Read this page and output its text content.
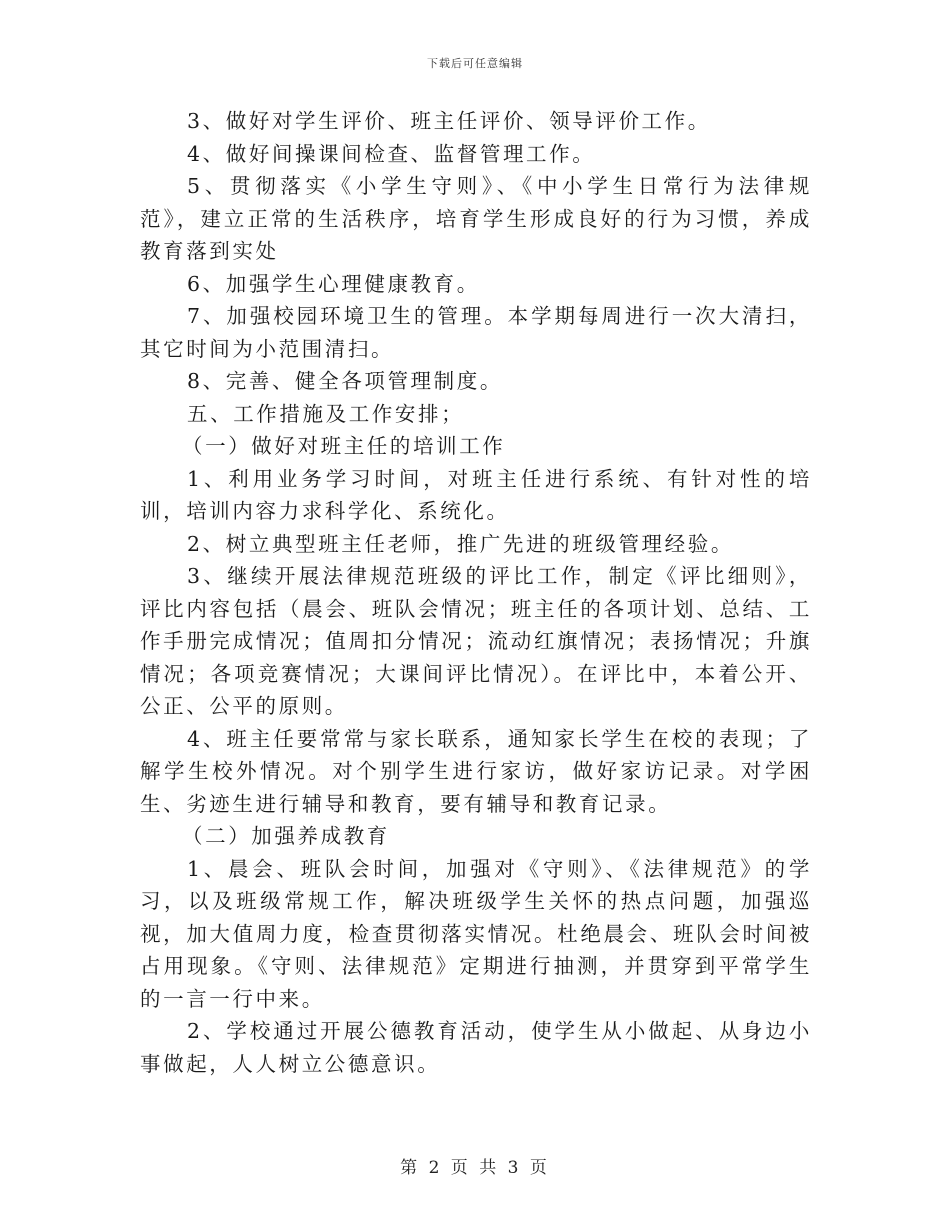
下载后可任意编辑

3、做好对学生评价、班主任评价、领导评价工作。

4、做好间操课间检查、监督管理工作。

5、贯彻落实《小学生守则》、《中小学生日常行为法律规范》，建立正常的生活秩序，培育学生形成良好的行为习惯，养成教育落到实处

6、加强学生心理健康教育。

7、加强校园环境卫生的管理。本学期每周进行一次大清扫，其它时间为小范围清扫。

8、完善、健全各项管理制度。

五、工作措施及工作安排；

（一）做好对班主任的培训工作

1、利用业务学习时间，对班主任进行系统、有针对性的培训，培训内容力求科学化、系统化。

2、树立典型班主任老师，推广先进的班级管理经验。

3、继续开展法律规范班级的评比工作，制定《评比细则》，评比内容包括（晨会、班队会情况；班主任的各项计划、总结、工作手册完成情况；值周扣分情况；流动红旗情况；表扬情况；升旗情况；各项竞赛情况；大课间评比情况）。在评比中，本着公开、公正、公平的原则。

4、班主任要常常与家长联系，通知家长学生在校的表现；了解学生校外情况。对个别学生进行家访，做好家访记录。对学困生、劣迹生进行辅导和教育，要有辅导和教育记录。

（二）加强养成教育

1、晨会、班队会时间，加强对《守则》、《法律规范》的学习，以及班级常规工作，解决班级学生关怀的热点问题，加强巡视，加大值周力度，检查贯彻落实情况。杜绝晨会、班队会时间被占用现象。《守则、法律规范》定期进行抽测，并贯穿到平常学生的一言一行中来。

2、学校通过开展公德教育活动，使学生从小做起、从身边小事做起，人人树立公德意识。

第 2 页 共 3 页
